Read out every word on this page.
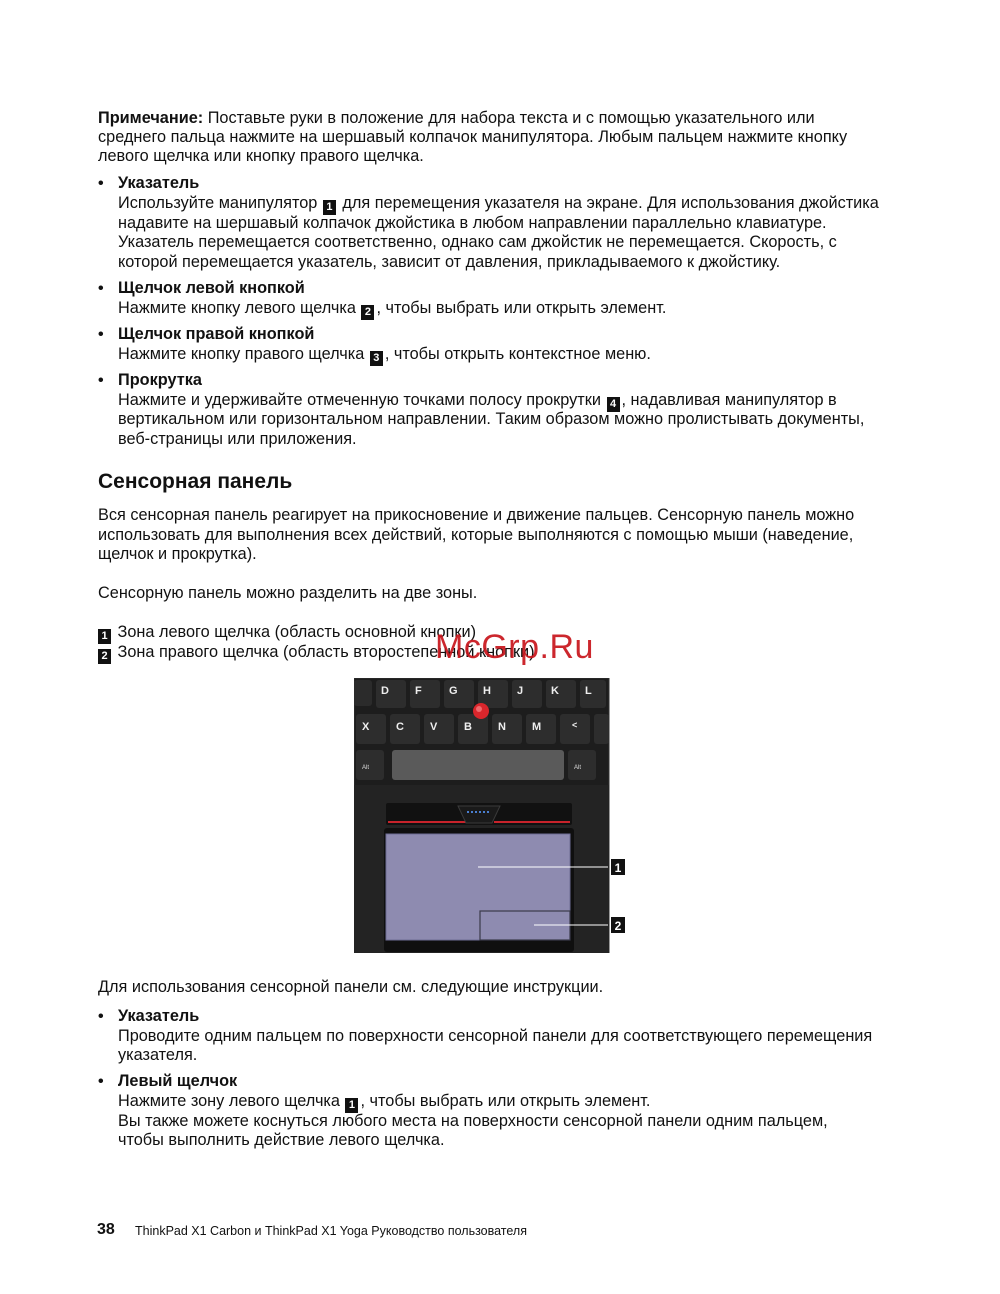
Примечание: Поставьте руки в положение для набора текста и с помощью указательного или
среднего пальца нажмите на шершавый колпачок манипулятора. Любым пальцем нажмите кнопку
левого щелчка или кнопку правого щелчка.
• Указатель
Используйте манипулятор 1 для перемещения указателя на экране. Для использования джойстика
надавите на шершавый колпачок джойстика в любом направлении параллельно клавиатуре.
Указатель перемещается соответственно, однако сам джойстик не перемещается. Скорость, с
которой перемещается указатель, зависит от давления, прикладываемого к джойстику.
• Щелчок левой кнопкой
Нажмите кнопку левого щелчка 2 , чтобы выбрать или открыть элемент.
• Щелчок правой кнопкой
Нажмите кнопку правого щелчка 3 , чтобы открыть контекстное меню.
• Прокрутка
Нажмите и удерживайте отмеченную точками полосу прокрутки 4 , надавливая манипулятор в
вертикальном или горизонтальном направлении. Таким образом можно пролистывать документы,
веб-страницы или приложения.
Сенсорная панель
Вся сенсорная панель реагирует на прикосновение и движение пальцев. Сенсорную панель можно
использовать для выполнения всех действий, которые выполняются с помощью мыши (наведение,
щелчок и прокрутка).
Сенсорную панель можно разделить на две зоны.
1 Зона левого щелчка (область основной кнопки)
2 Зона правого щелчка (область второстепенной кнопки)
McGrp.Ru
D F G H J	K L
X C V B N M	<
Alt	Alt
1
2
Для использования сенсорной панели см. следующие инструкции.
• Указатель
Проводите одним пальцем по поверхности сенсорной панели для соответствующего перемещения
указателя.
• Левый щелчок
Нажмите зону левого щелчка 1 , чтобы выбрать или открыть элемент.
Вы также можете коснуться любого места на поверхности сенсорной панели одним пальцем,
чтобы выполнить действие левого щелчка.
38 ThinkPad X1 Carbon и ThinkPad X1 Yoga Руководство пользователя
